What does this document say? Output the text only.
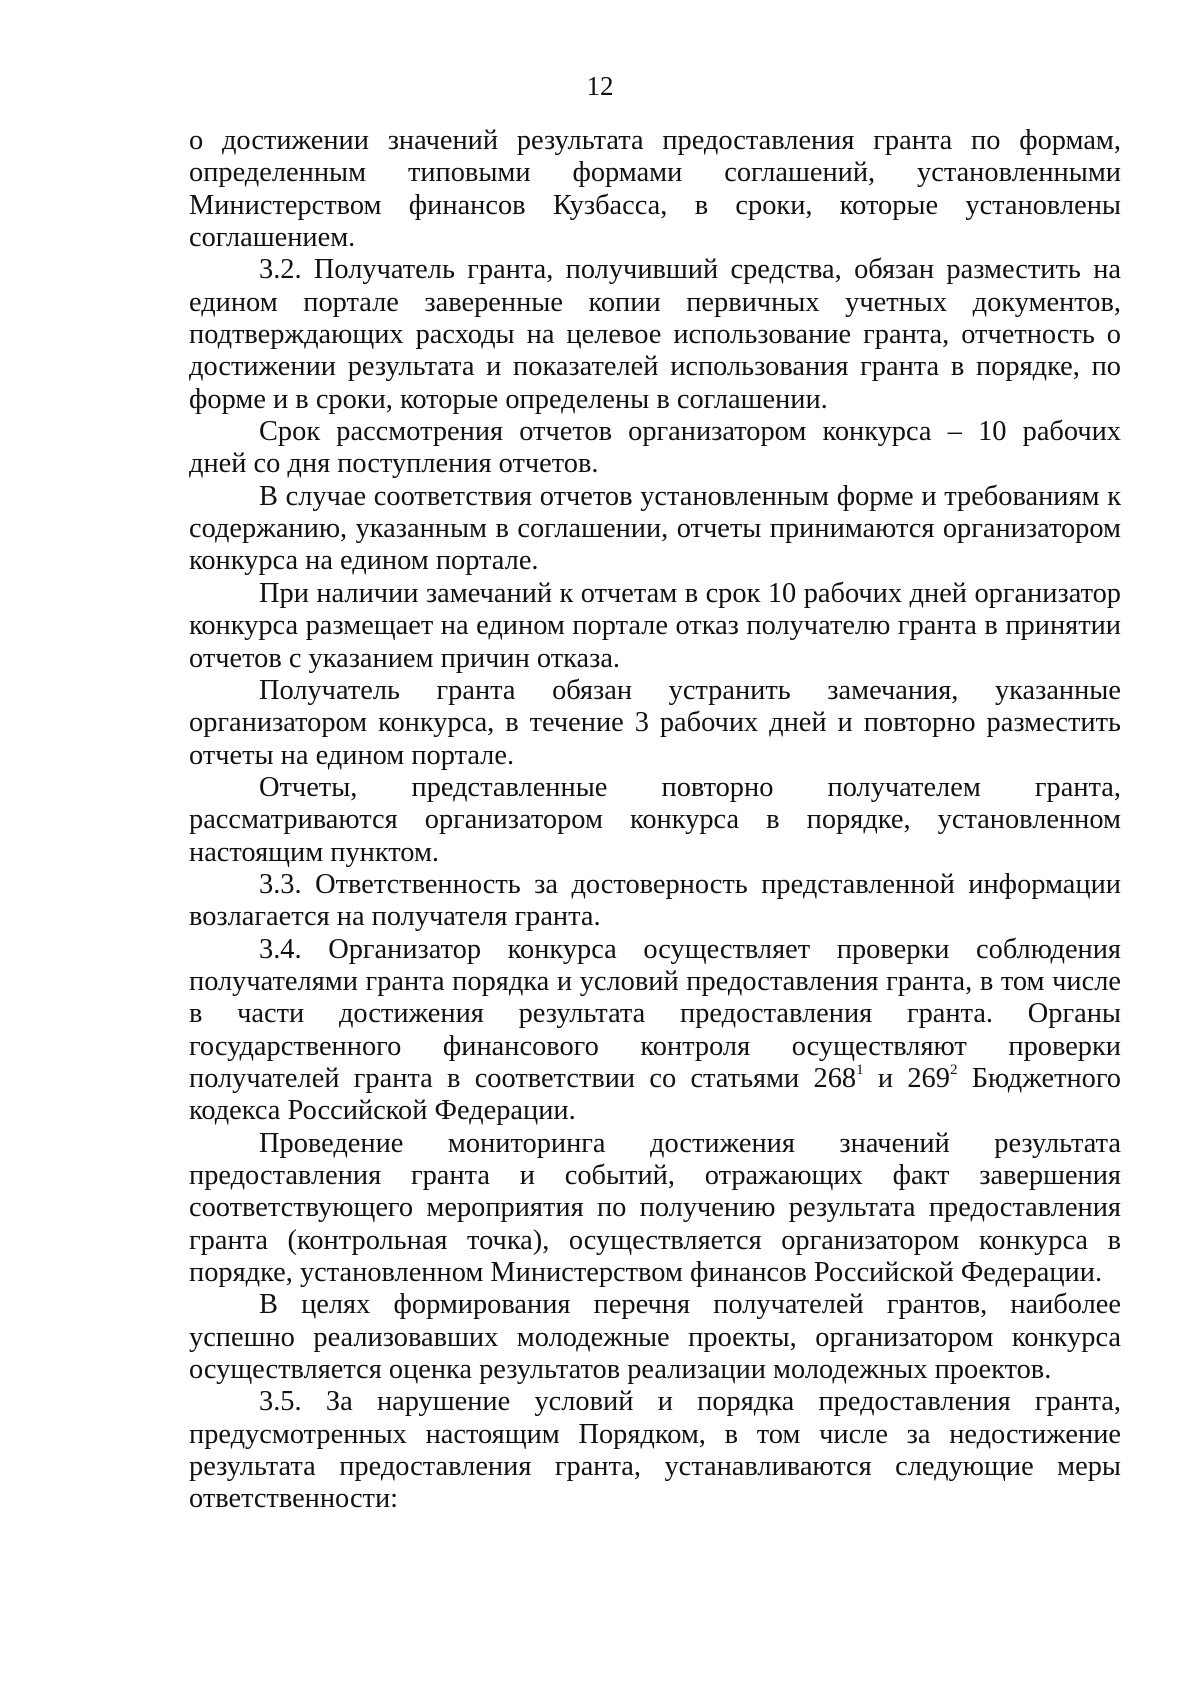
12

о достижении значений результата предоставления гранта по формам, определенным типовыми формами соглашений, установленными Министерством финансов Кузбасса, в сроки, которые установлены соглашением.

3.2. Получатель гранта, получивший средства, обязан разместить на едином портале заверенные копии первичных учетных документов, подтверждающих расходы на целевое использование гранта, отчетность о достижении результата и показателей использования гранта в порядке, по форме и в сроки, которые определены в соглашении.

Срок рассмотрения отчетов организатором конкурса – 10 рабочих дней со дня поступления отчетов.

В случае соответствия отчетов установленным форме и требованиям к содержанию, указанным в соглашении, отчеты принимаются организатором конкурса на едином портале.

При наличии замечаний к отчетам в срок 10 рабочих дней организатор конкурса размещает на едином портале отказ получателю гранта в принятии отчетов с указанием причин отказа.

Получатель гранта обязан устранить замечания, указанные организатором конкурса, в течение 3 рабочих дней и повторно разместить отчеты на едином портале.

Отчеты, представленные повторно получателем гранта, рассматриваются организатором конкурса в порядке, установленном настоящим пунктом.

3.3. Ответственность за достоверность представленной информации возлагается на получателя гранта.

3.4. Организатор конкурса осуществляет проверки соблюдения получателями гранта порядка и условий предоставления гранта, в том числе в части достижения результата предоставления гранта. Органы государственного финансового контроля осуществляют проверки получателей гранта в соответствии со статьями $268^1$ и $269^2$ Бюджетного кодекса Российской Федерации.

Проведение мониторинга достижения значений результата предоставления гранта и событий, отражающих факт завершения соответствующего мероприятия по получению результата предоставления гранта (контрольная точка), осуществляется организатором конкурса в порядке, установленном Министерством финансов Российской Федерации.

В целях формирования перечня получателей грантов, наиболее успешно реализовавших молодежные проекты, организатором конкурса осуществляется оценка результатов реализации молодежных проектов.

3.5. За нарушение условий и порядка предоставления гранта, предусмотренных настоящим Порядком, в том числе за недостижение результата предоставления гранта, устанавливаются следующие меры ответственности:
